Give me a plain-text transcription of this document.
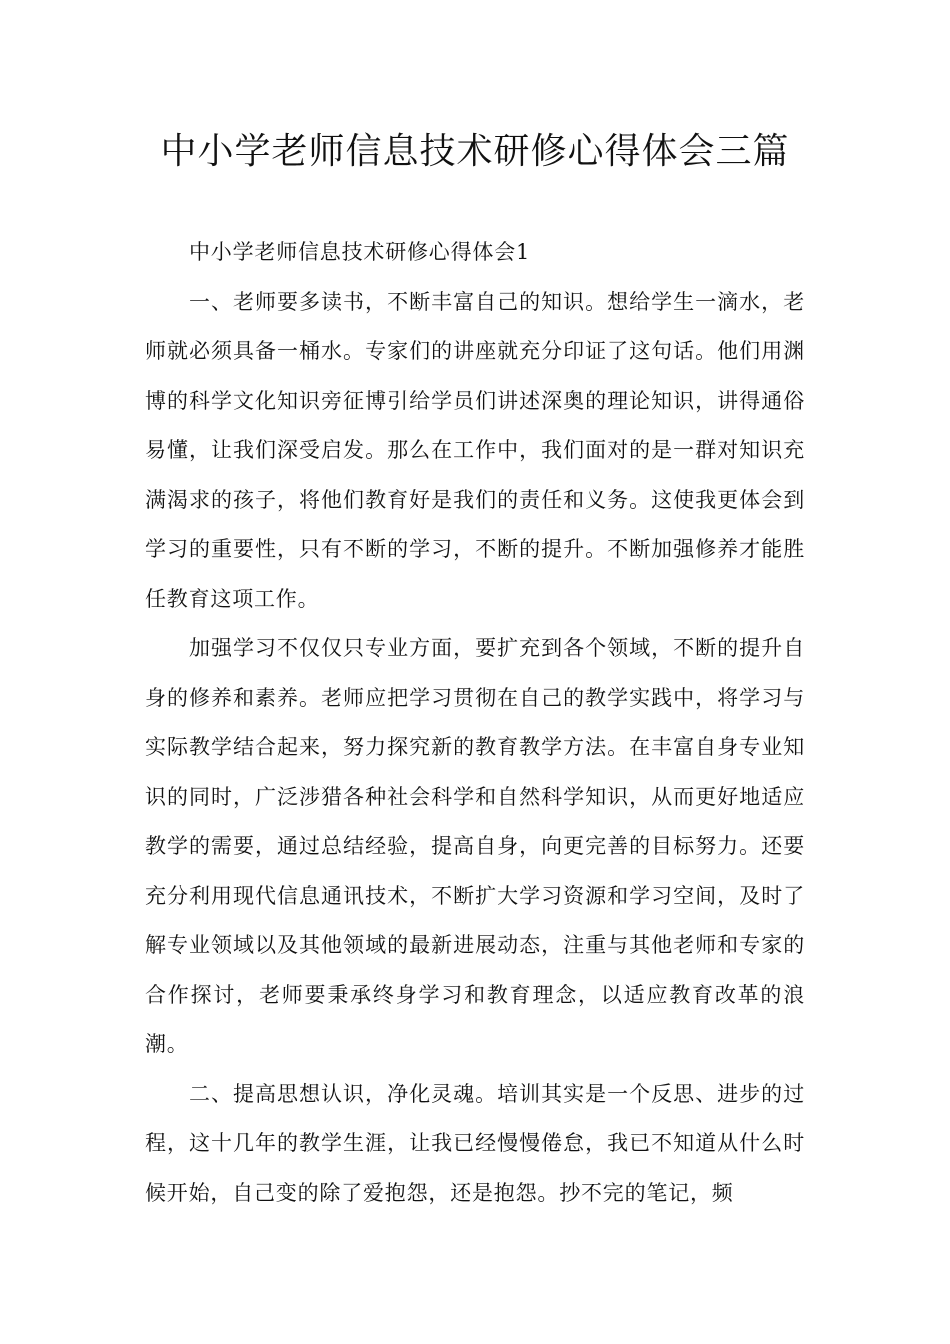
中小学老师信息技术研修心得体会三篇

中小学老师信息技术研修心得体会1

一、老师要多读书，不断丰富自己的知识。想给学生一滴水，老师就必须具备一桶水。专家们的讲座就充分印证了这句话。他们用渊博的科学文化知识旁征博引给学员们讲述深奥的理论知识，讲得通俗易懂，让我们深受启发。那么在工作中，我们面对的是一群对知识充满渴求的孩子，将他们教育好是我们的责任和义务。这使我更体会到学习的重要性，只有不断的学习，不断的提升。不断加强修养才能胜任教育这项工作。

加强学习不仅仅只专业方面，要扩充到各个领域，不断的提升自身的修养和素养。老师应把学习贯彻在自己的教学实践中，将学习与实际教学结合起来，努力探究新的教育教学方法。在丰富自身专业知识的同时，广泛涉猎各种社会科学和自然科学知识，从而更好地适应教学的需要，通过总结经验，提高自身，向更完善的目标努力。还要充分利用现代信息通讯技术，不断扩大学习资源和学习空间，及时了解专业领域以及其他领域的最新进展动态，注重与其他老师和专家的合作探讨，老师要秉承终身学习和教育理念，以适应教育改革的浪潮。

二、提高思想认识，净化灵魂。培训其实是一个反思、进步的过程，这十几年的教学生涯，让我已经慢慢倦怠，我已不知道从什么时候开始，自己变的除了爱抱怨，还是抱怨。抄不完的笔记，频
